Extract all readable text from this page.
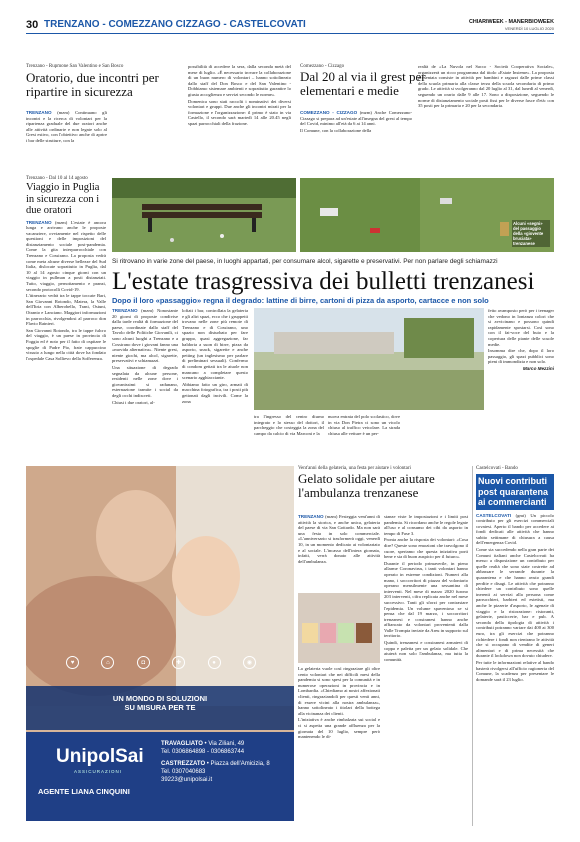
30 TRENZANO - COMEZZANO CIZZAGO - CASTELCOVATI	CHIARIWEEK - MANERBIOWEEK
VENERDÌ 10 LUGLIO 2020
Trenzano - Rupmone San Valentino e San Bosco
Oratorio, due incontri per ripartire in sicurezza
TRENZANO (mzm) Continuano gli incontri e la ricerca di volontari per la ripartenza graduale del due oratori anche alle attività ordinarie e non legate solo al Grest estivo, con l'obiettivo anche di aprire i bar delle strutture, con la

possibilità di accedere la sera, dalla seconda metà del mese di luglio. «È necessario trovare la collaborazione di un buon numero di volontari – hanno sottolineato dallo staff del Don Bosco e del San Valentino - Dobbiamo sistemare ambienti e soprattutto garantire lo giusta accoglienza e servizi secondo le norme».

Domenica sono stati raccolti i nominativi dei diversi volontari e gruppi. Due anche gli incontri mirati per la formazione e l'organizzazione: il primo è stato in via Castello, il secondo sarà martedì 14 alle 20.45 negli spazi parrocchiali della frazione.

Comezzano - Cizzago
Dal 20 al via il grest per elementari e medie

COMEZZANO - CIZZAGO (mzm) Anche Comezzano-Cizzago si prepara ad un'estate all'insegna del grest al tempo del Covid, minimo all'età da 6 ai 14 anni.

Il Comune, con la collaborazione della

realtà de «La Nuvola nel Sacco - Società Cooperativa Sociale», organizzerà un ricco programma dal titolo «Estate Insieme». La proposta presentata consiste in attività per bambini e ragazzi dalle prime classi della scuola primaria alla classe terza della scuola secondaria di primo grado. Le attività si svolgeranno dal 20 luglio al 31, dal lunedì al venerdì, seguendo un orario dalle 9 alle 17. Sono a disposizione, seguendo le norme di distanziamento sociale posti fissi per le diverse fasce d'età: con 35 posti per la primaria e 20 per la secondaria.

Trenzano - Dal 10 al 14 agosto
Viaggio in Puglia in sicurezza con i due oratori

TRENZANO (mzm) L'estate è ancora lunga e arrivano anche le proposte vacanziere, ovviamente nel rispetto delle questioni e delle imposizioni del distanziamento sociale post-pandemia. Come la gita interparrocchiale con Trenzano e Cossirano. La proposta vedrà come meta alcune diverse bellezze del Sud Italia, dislocate soprattutto in Puglia, dal 10 al 14 agosto cinque giorni con un viaggio in pullman a posti distanziati. Tutto, viaggio, pernottamento e pranzi, secondo protocolli Covid-19.

L'itinerario vedrà tra le tappe toccate Bari, San Giovanni Rotondo, Matera, la Valle dell'Itria con Alberobello, Trani, Ostuni, Otranto e Lanciano. Maggiori informazioni in parrocchia, rivolgendosi al parroco don Flavio Rainieri.

San Giovanni Rotondo, tra le tappe fulcro del viaggio, è un paese in provincia di Foggia ed è noto per il fatto di ospitare le spoglie di Padre Pio, frate cappuccino vissuto a lungo nella città dove ha fondato l'ospedale Casa Sollievo della Sofferenza.

Alcuni «segni» del passaggio della «giovente bruciata» trenzanese
Si ritrovano in varie zone del paese, in luoghi appartati, per consumare alcol, sigarette e preservativi. Per non parlare degli schiamazzi
L'estate trasgressiva dei bulletti trenzanesi
Dopo il loro «passaggio» regna il degrado: lattine di birre, cartoni di pizza da asporto, cartacce e non solo

TRENZANO (mzm) Nonostante 20 giorni di proposte condivise dalla tarde realtà di formazione del paese, coordinate dallo staff del Tavolo delle Politiche Giovanili, ci sono alcuni luoghi a Trenzano e a Cossirano dove i giovani fanno una «movida alternativa». Niente grest, niente giochi, ma alcol, sigarette, preservativi e schiamazzi.

Una situazione di degrado segnalata da alcune persone, residenti nelle zone dove i giovanissimi si radunano, esternazione tramite i social da degli occhi indiscreti.

Chiusi i due oratori, al-

lofiati i bar, controllata la gelateria e gli altri spazi, ecco che i gruppetti trovano nelle zone più remote di Trenzano e di Cossirano, uno spazio non disturbato per fare gruppo, quasi aggregazione, far baldoria a suon di birre, pizza da asporto, snack, sigarette e anche petting (un inglesismo per parlare di preliminari sessuali). Confermo di condom gettati tra le aiuole non mancano a completare questo scenario agghiacciante.

Abbiamo fatto un giro, armati di macchina fotografica, tra i posti più gettonati dagli incivili. Come la zona

tra l'ingresso del centro diurno integrato e lo stesso del dottori, il parcheggio che costeggia la zona del campo da calcio di via Marconi e la

nuova entrata del polo scolastico, dove in via Don Pietra ci sono un vicolo chiuso al traffico veicolare. La strada chiusa alle vetture è un per-

fetto avamposto però per i teenager che vedono in lontanza colori che si avvicinano e possono quindi rapidamente spostarsi. Così sono con il fai-voce del buio e la copertura delle piante delle scuole medie.

Insomma dire che, dopo il loro passaggio, gli spazi pubblici sono pieni di immondizia e non solo.

Marco Mezzini

♥	⌂	◘	✚	●	◉
UN MONDO DI SOLUZIONI
SU MISURA PER TE
UnipolSai
ASSICURAZIONI
AGENTE LIANA CINQUINI
TRAVAGLIATO • Via Ziliani, 49
Tel. 0306864898 - 0306863744
CASTREZZATO • Piazza dell'Amicizia, 8
Tel. 0307040683
39223@unipolsai.it
Vent'anni della gelateria, una festa per aiutare i volontari
Gelato solidale per aiutare l'ambulanza trenzanese

TRENZANO (mzm) Festeggia vent'anni di attività la storica, e anche unica, gelateria del paese di via San Gottardo. Ma non sarà una festa in solo commerciale. «L'anniversario si trasformerà oggi, venerdì 10, in un momento dedicato ai volontariato e al sociale. L'incasso dell'intera giornata, infatti, verrà donato alle attività dell'ambulanza.

La gelateria vuole così ringraziare gli oltre cento volontari che nei difficili mesi della pandemia si sono spesi per la comunità e in numerose operazioni in provincia e in Lombardia. «Chiediamo ai nostri affezionati clienti, ringraziandoli per questi venti anni, di essere vicini alla nostra ambulanza», hanno sottolineato i titolari della bottega alla vicinanza dei clienti.

L'iniziativa è anche rimbalzata sui social e ci si aspetta una grande affluenza per la giornata del 10 luglio, sempre però mantenendo le di-

stanze viste le impostazioni e i limiti post pandemia. Si ricordano anche le regole legate all'uso e al consumo dei cibi da asporto in tempo di Fase 3.

Pronta anche la risposta dei volontari: «Cosa dire? Queste sono emozioni che travolgono il cuore, speriamo che questa iniziativa porti bene e sia di buon auspicio per il futuro».

Durante il periodo primaverile, in pieno allarme Coronavirus, i tanti volontari hanno operato in estreme condizioni. Numeri alla mano, i soccorritori di piazza del volontario operano mensilmente una sessantina di interventi. Nel mese di marzo 2020 furono 203 interventi, cifra replicata anche nel mese successivo. Tanti gli sforzi per contrastare l'epidemia. Un volume spaventoso se si pensa che dal 19 marzo, i soccorritori trenzanesi e cossiranesi hanno anche affiancato da volontari provenienti dalla Valle Trompia inviate da Areu in supporto sul territorio.

Quindi, trenzanesi e cossiranesi armatevi di coppa e paletta per un gelato solidale. Che aiuterà non solo l'ambulanza, ma tutta la comunità.

Castelcovati - Bando
Nuovi contributi post quarantena ai commercianti

CASTELCOVATI (gmt) Un piccolo contributo per gli esercizi commerciali covatesi. Aperto il bando per accedere ai fondi dedicati alle attività che hanno subito settimane di chiusura a causa dell'emergenza Covid.

Come sta succedendo nella gran parte dei Comuni italiani anche Castelcovati ha messo a disposizione un contributo per quelle realtà che sono state costrette ad abbassare le serrande durante la quarantena e che hanno avuto grandi perdite e disagi. Le attività che potranno chiedere un contributo sono quelle inerenti ai servizi alla persona come parrucchieri, barbieri ed estetisti, ma anche le pizzerie d'asporto, le agenzie di viaggio e la ristorazione: ristoranti, gelaterie, pasticcerie, bar e pub. A seconda della tipologia di attività i contributi potranno variare dai 400 ai 300 euro, tra gli esercizi che potranno richiedere i fondi non rientrano le attività che si occupano di vendite di generi alimentari e di prima necessità che durante il lockdown non dovuto chiudere.

Per tutte le informazioni relative al bando basterà rivolgersi all'ufficio ragioneria del Comune, la scadenza per presentare le domande sarà il 23 luglio.
